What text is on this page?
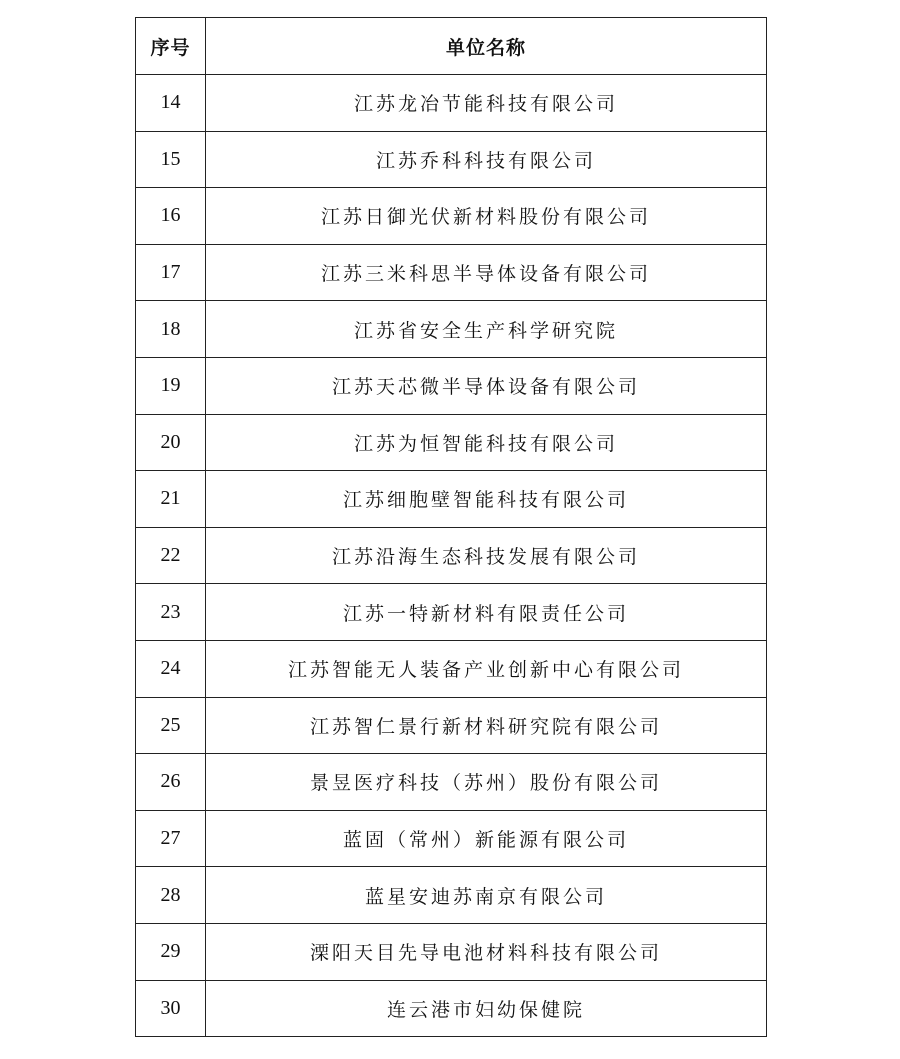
序号	单位名称
14	江苏龙冶节能科技有限公司
15	江苏乔科科技有限公司
16	江苏日御光伏新材料股份有限公司
17	江苏三米科思半导体设备有限公司
18	江苏省安全生产科学研究院
19	江苏天芯微半导体设备有限公司
20	江苏为恒智能科技有限公司
21	江苏细胞壁智能科技有限公司
22	江苏沿海生态科技发展有限公司
23	江苏一特新材料有限责任公司
24	江苏智能无人装备产业创新中心有限公司
25	江苏智仁景行新材料研究院有限公司
26	景昱医疗科技（苏州）股份有限公司
27	蓝固（常州）新能源有限公司
28	蓝星安迪苏南京有限公司
29	溧阳天目先导电池材料科技有限公司
30	连云港市妇幼保健院
